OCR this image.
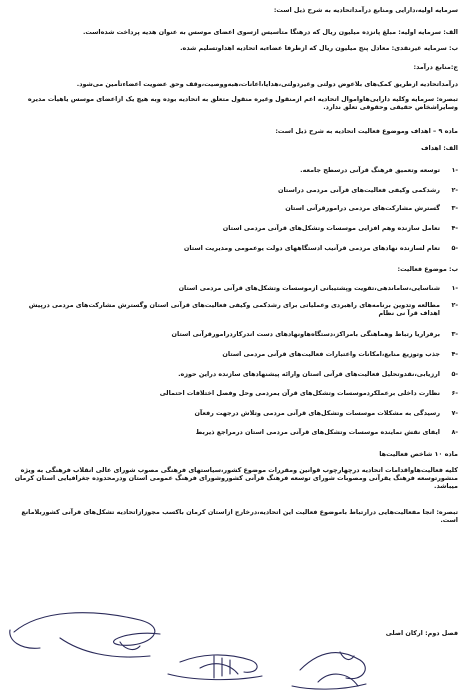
سرمایه اولیه،دارایی ومنابع درآمداتحادیه به شرح ذیل است:
الف: سرمایه اولیه: مبلغ پانزده میلیون ریال که درهنگا متأسیس ازسوی اعضای موسس به عنوان هدیه پرداخت شده‌است.
ب: سرمایه غیرنقدی: معادل پنج میلیون ریال که ازطرفا عضاءبه اتحادیه اهداوتسلیم شده.
ج:منابع درآمد:
درآمداتحادیه ازطریق کمک‌های بلاعوض دولتی وغیردولتی،هدایا،اعانات،هبه‌ووصیت،وقف وحق عضویت اعضاءتأمین می‌شود.
تبصره: سرمایه وکلیه دارایی‌هاواموال اتحادیه اعم ازمنقول وغیره منقول متعلق به اتحادیه بوده وبه هیچ یک ازاعضای موسس یاهیأت مدیره وسایراشخاص حقیقی وحقوقی تعلق ندارد.
ماده ۹ – اهداف وموضوع فعالیت اتحادیه به شرح ذیل است:
الف: اهداف
-۱
توسعه وتعمیق فرهنگ قرآنی درسطح جامعه.
-۲
رشدکمی وکیفی فعالیت‌های قرآنی مردمی دراستان
-۳
گسترش مشارکت‌های مردمی درامورقرآنی استان
-۴
تعامل سازنده وهم افزایی موسسات وتشکل‌های قرآنی مردمی استان
-۵
تعام لسازنده نهادهای مردمی قرآنیب ادستگاههای دولت یوعمومی ومدیریت استان
ب: موضوع فعالیت:
-۱
شناسایی،ساماندهی،تقویت وپشتیبانی ازموسسات وتشکل‌های قرآنی مردمی استان
-۲
مطالعه وتدوین برنامه‌های راهبردی وعملیاتی برای رشدکمی وکیفی فعالیت‌های قرآنی استان وگسترش مشارکت‌های مردمی درپیش اهداف قرآ نی نظام
-۳
برقراریا رتباط وهماهنگی بامراکز،دستگاه‌هاونهادهای دست اندرکاردرامورقرآنی استان
-۴
جذب وتوزیع منابع،امکانات واعتبارات فعالیت‌های قرآنی مردمی استان
-۵
ارزیابی،نقدوتحلیل فعالیت‌های قرآنی استان وارائه پیشنهادهای سازنده دراین حوزه.
-۶
نظارت داخلی برعملکردموسسات وتشکل‌های قرآن یمردمی وحل وفصل اختلافات احتمالی
-۷
رسیدگی به مشکلات موسسات وتشکل‌های قرآنی مردمی وتلاش درجهت رفعآن
-۸
ایفای نقش نماینده موسسات وتشکل‌های قرآنی مردمی استان درمراجع ذیربط
ماده ۱۰ شاخص فعالیت‌ها
کلیه فعالیت‌هاواقدامات اتحادیه درچهارچوب قوانین ومقررات موضوع کشور،سیاستهای فرهنگی مصوب شورای عالی انقلاب فرهنگی به ویژه منشورتوسعه فرهنگ یقرآنی ومصوبات شورای توسعه فرهنگ قرآنی کشوروشورای فرهنگ عمومی استان ودرمحدوده جغرافیایی استان کرمان میباشد.
تبصره: انجا مفعالیت‌هایی درارتباط باموضوع فعالیت این اتحادیه،درخارج ازاستان کرمان باکسب مجوزازاتحادیه تشکل‌های قرآنی کشوربلامانع است.
فصل دوم: ارکان اصلی
